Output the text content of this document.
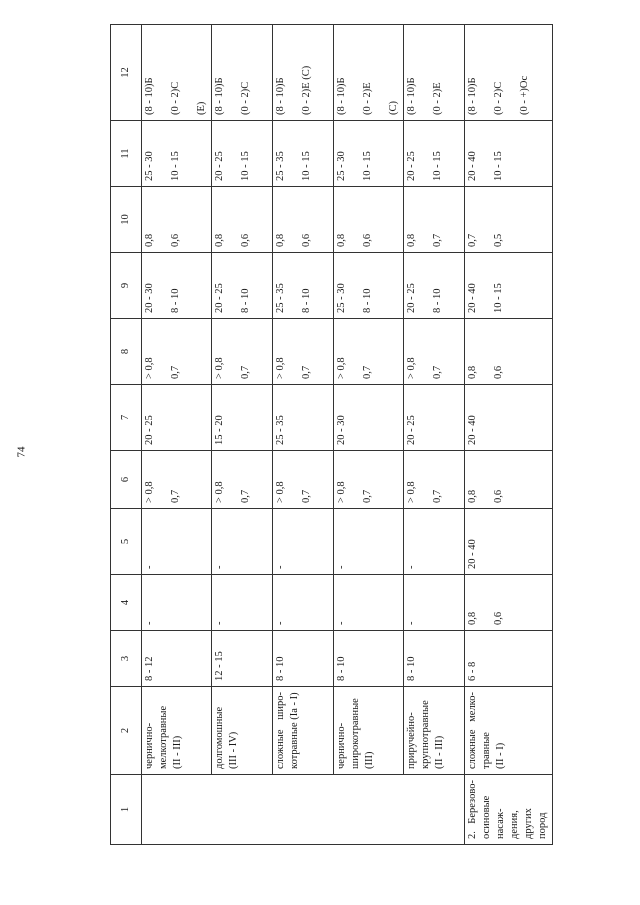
74
1	2	3	4	5	6	7	8	9	10	11	12

	чернично- мелкотравные (II - III)	8 - 12	-	-	> 0,8 0,7	20 - 25	> 0,8 0,7	20 - 30 8 - 10	0,8 0,6	25 - 30 10 - 15	(8 - 10)Б (0 - 2)С (Е)

	долгомошные (III - IV)	12 - 15	-	-	> 0,8 0,7	15 - 20	> 0,8 0,7	20 - 25 8 - 10	0,8 0,6	20 - 25 10 - 15	(8 - 10)Б (0 - 2)С

	сложные широ- котравные (Iа - I)	8 - 10	-	-	> 0,8 0,7	25 - 35	> 0,8 0,7	25 - 35 8 - 10	0,8 0,6	25 - 35 10 - 15	(8 - 10)Б (0 - 2)Е (С)

	чернично- широкотравные (III)	8 - 10	-	-	> 0,8 0,7	20 - 30	> 0,8 0,7	25 - 30 8 - 10	0,8 0,6	25 - 30 10 - 15	(8 - 10)Б (0 - 2)Е (С)

	приручейно- крупнотравные (II - III)	8 - 10	-	-	> 0,8 0,7	20 - 25	> 0,8 0,7	20 - 25 8 - 10	0,8 0,7	20 - 25 10 - 15	(8 - 10)Б (0 - 2)Е

2. Березово-осиновые насаж-дения, других пород	сложные мелко- травные (II - I)	6 - 8	0,8 0,6	20 - 40	0,8 0,6	20 - 40	0,8 0,6	20 - 40 10 - 15	0,7 0,5	20 - 40 10 - 15	(8 - 10)Б (0 - 2)С (0 - +)Ос
